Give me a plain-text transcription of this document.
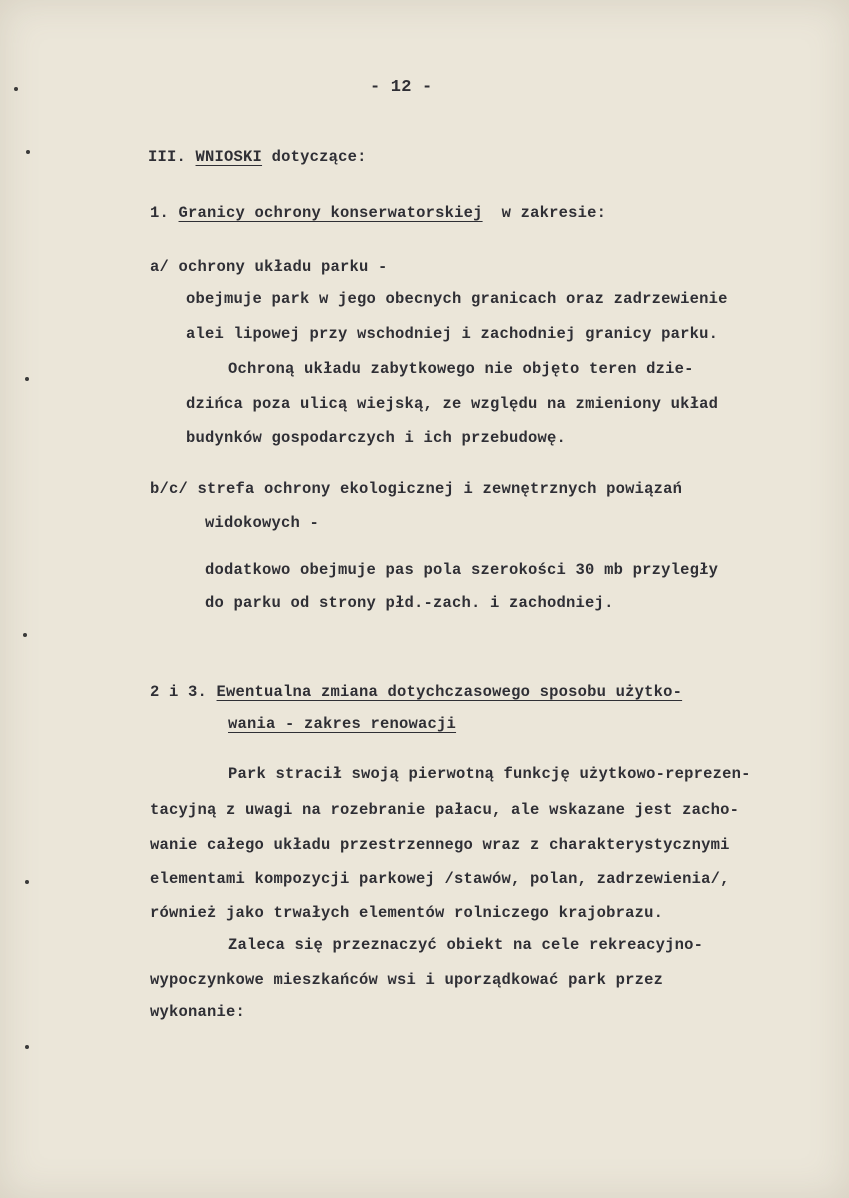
- 12 -
III. WNIOSKI dotyczące:
1. Granicy ochrony konserwatorskiej w zakresie:
a/ ochrony układu parku -
obejmuje park w jego obecnych granicach oraz zadrzewienie
alei lipowej przy wschodniej i zachodniej granicy parku.
Ochroną układu zabytkowego nie objęto teren dzie-
dzińca poza ulicą wiejską, ze względu na zmieniony układ
budynków gospodarczych i ich przebudowę.
b/c/ strefa ochrony ekologicznej i zewnętrznych powiązań
widokowych -
dodatkowo obejmuje pas pola szerokości 30 mb przyległy
do parku od strony płd.-zach. i zachodniej.
2 i 3. Ewentualna zmiana dotychczasowego sposobu użytko-
wania - zakres renowacji
Park stracił swoją pierwotną funkcję użytkowo-reprezen-
tacyjną z uwagi na rozebranie pałacu, ale wskazane jest zacho-
wanie całego układu przestrzennego wraz z charakterystycznymi
elementami kompozycji parkowej /stawów, polan, zadrzewienia/,
również jako trwałych elementów rolniczego krajobrazu.
Zaleca się przeznaczyć obiekt na cele rekreacyjno-
wypoczynkowe mieszkańców wsi i uporządkować park przez
wykonanie:
